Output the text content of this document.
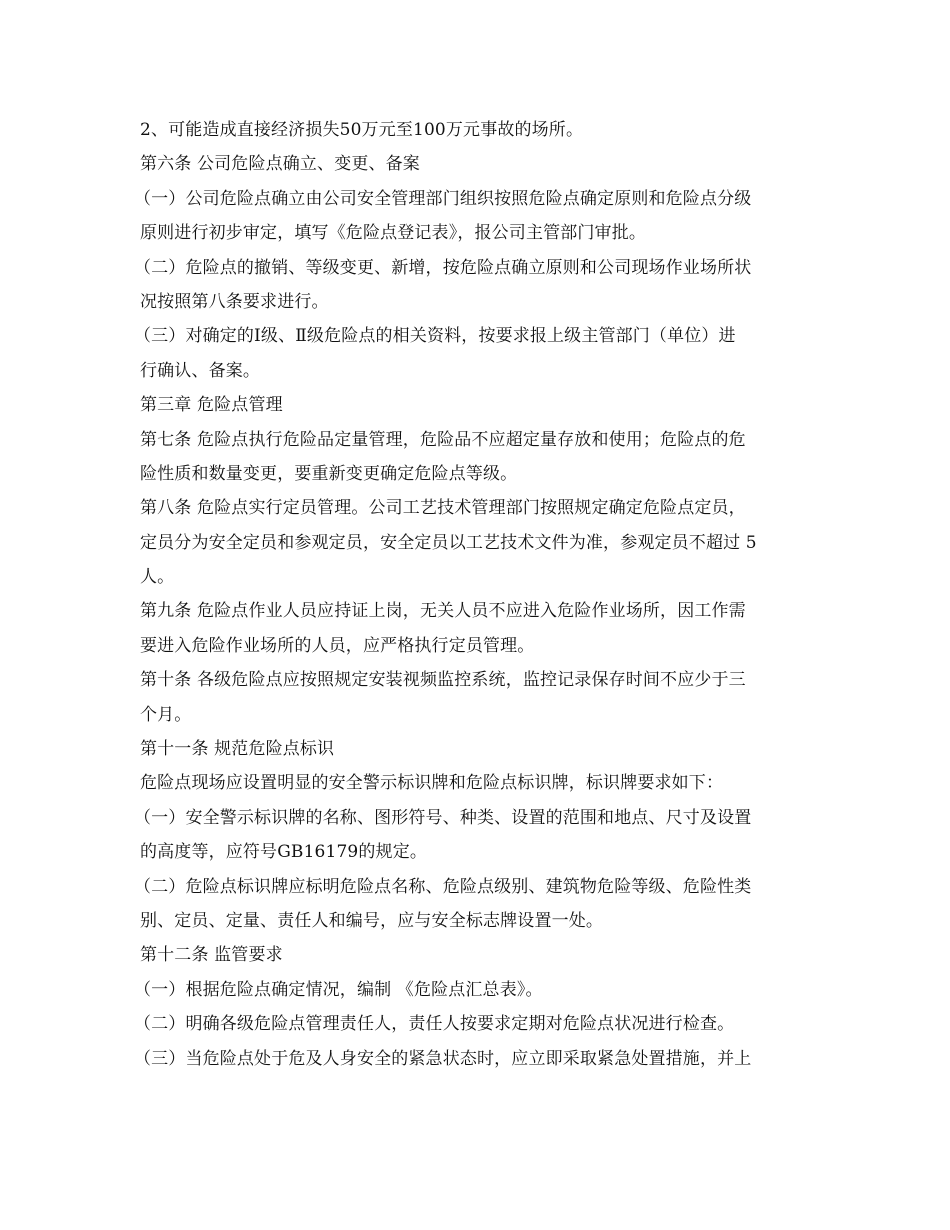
2、可能造成直接经济损失50万元至100万元事故的场所。
第六条 公司危险点确立、变更、备案
（一）公司危险点确立由公司安全管理部门组织按照危险点确定原则和危险点分级
原则进行初步审定，填写《危险点登记表》，报公司主管部门审批。
（二）危险点的撤销、等级变更、新增，按危险点确立原则和公司现场作业场所状
况按照第八条要求进行。
（三）对确定的Ⅰ级、Ⅱ级危险点的相关资料，按要求报上级主管部门（单位）进
行确认、备案。
第三章 危险点管理
第七条 危险点执行危险品定量管理，危险品不应超定量存放和使用；危险点的危
险性质和数量变更，要重新变更确定危险点等级。
第八条 危险点实行定员管理。公司工艺技术管理部门按照规定确定危险点定员，
定员分为安全定员和参观定员，安全定员以工艺技术文件为准，参观定员不超过 5
人。
第九条 危险点作业人员应持证上岗，无关人员不应进入危险作业场所，因工作需
要进入危险作业场所的人员，应严格执行定员管理。
第十条 各级危险点应按照规定安装视频监控系统，监控记录保存时间不应少于三
个月。
第十一条 规范危险点标识
危险点现场应设置明显的安全警示标识牌和危险点标识牌，标识牌要求如下：
（一）安全警示标识牌的名称、图形符号、种类、设置的范围和地点、尺寸及设置
的高度等，应符号GB16179的规定。
（二）危险点标识牌应标明危险点名称、危险点级别、建筑物危险等级、危险性类
别、定员、定量、责任人和编号，应与安全标志牌设置一处。
第十二条 监管要求
（一）根据危险点确定情况，编制 《危险点汇总表》。
（二）明确各级危险点管理责任人，责任人按要求定期对危险点状况进行检查。
（三）当危险点处于危及人身安全的紧急状态时，应立即采取紧急处置措施，并上
